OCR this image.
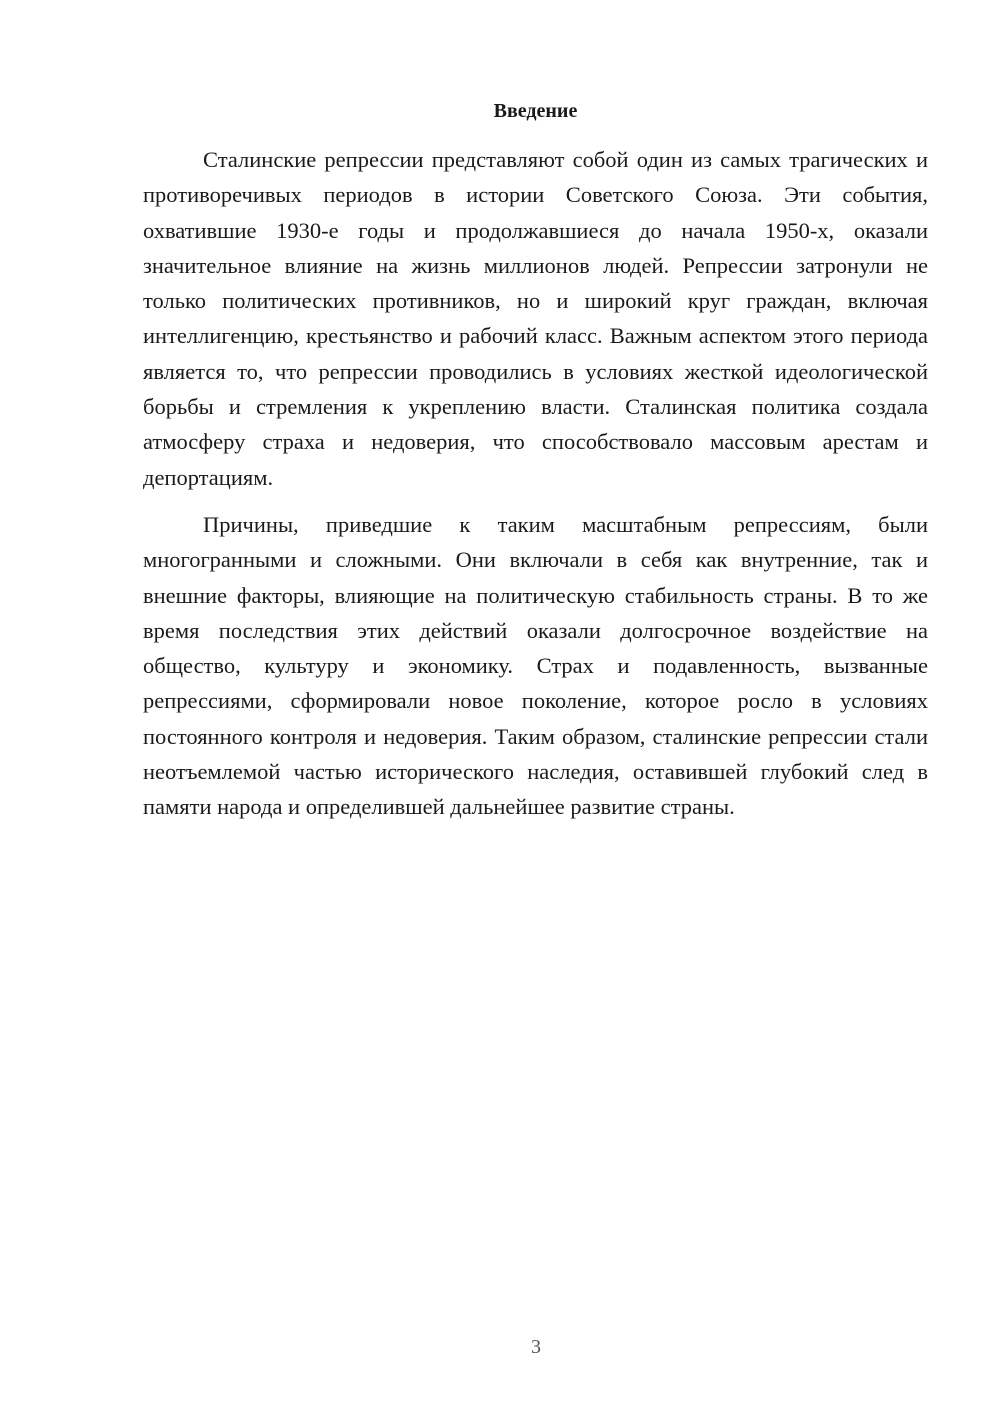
Введение

Сталинские репрессии представляют собой один из самых трагических и противоречивых периодов в истории Советского Союза. Эти события, охватившие 1930-е годы и продолжавшиеся до начала 1950-х, оказали значительное влияние на жизнь миллионов людей. Репрессии затронули не только политических противников, но и широкий круг граждан, включая интеллигенцию, крестьянство и рабочий класс. Важным аспектом этого периода является то, что репрессии проводились в условиях жесткой идеологической борьбы и стремления к укреплению власти. Сталинская политика создала атмосферу страха и недоверия, что способствовало массовым арестам и депортациям.

Причины, приведшие к таким масштабным репрессиям, были многогранными и сложными. Они включали в себя как внутренние, так и внешние факторы, влияющие на политическую стабильность страны. В то же время последствия этих действий оказали долгосрочное воздействие на общество, культуру и экономику. Страх и подавленность, вызванные репрессиями, сформировали новое поколение, которое росло в условиях постоянного контроля и недоверия. Таким образом, сталинские репрессии стали неотъемлемой частью исторического наследия, оставившей глубокий след в памяти народа и определившей дальнейшее развитие страны.

3
